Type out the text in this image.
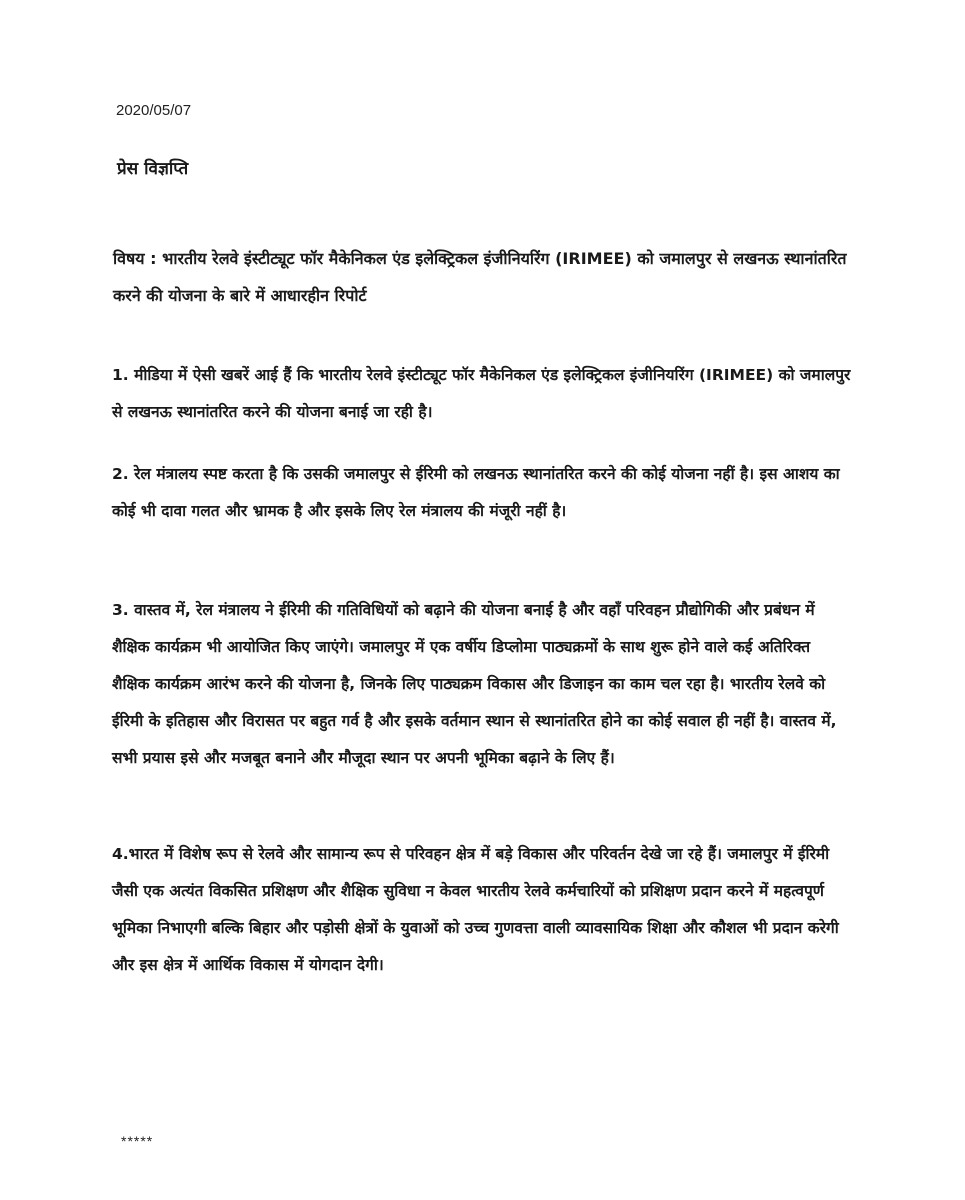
2020/05/07
प्रेस विज्ञप्ति
विषय : भारतीय रेलवे इंस्टीट्यूट फॉर मैकेनिकल एंड इलेक्ट्रिकल इंजीनियरिंग (IRIMEE) को जमालपुर से लखनऊ स्थानांतरित करने की योजना के बारे में आधारहीन रिपोर्ट
1. मीडिया में ऐसी खबरें आई हैं कि भारतीय रेलवे इंस्टीट्यूट फॉर मैकेनिकल एंड इलेक्ट्रिकल इंजीनियरिंग (IRIMEE) को जमालपुर से लखनऊ स्थानांतरित करने की योजना बनाई जा रही है।
2. रेल मंत्रालय स्पष्ट करता है कि उसकी जमालपुर से ईरिमी को लखनऊ स्थानांतरित करने की कोई योजना नहीं है। इस आशय का कोई भी दावा गलत और भ्रामक है और इसके लिए रेल मंत्रालय की मंजूरी नहीं है।
3. वास्तव में, रेल मंत्रालय ने ईरिमी की गतिविधियों को बढ़ाने की योजना बनाई है और वहाँ परिवहन प्रौद्योगिकी और प्रबंधन में शैक्षिक कार्यक्रम भी आयोजित किए जाएंगे। जमालपुर में एक वर्षीय डिप्लोमा पाठ्यक्रमों के साथ शुरू होने वाले कई अतिरिक्त शैक्षिक कार्यक्रम आरंभ करने की योजना है, जिनके लिए पाठ्यक्रम विकास और डिजाइन का काम चल रहा है। भारतीय रेलवे को ईरिमी के इतिहास और विरासत पर बहुत गर्व है और इसके वर्तमान स्थान से स्थानांतरित होने का कोई सवाल ही नहीं है। वास्तव में, सभी प्रयास इसे और मजबूत बनाने और मौजूदा स्थान पर अपनी भूमिका बढ़ाने के लिए हैं।
4.भारत में विशेष रूप से रेलवे और सामान्य रूप से परिवहन क्षेत्र में बड़े विकास और परिवर्तन देखे जा रहे हैं। जमालपुर में ईरिमी जैसी एक अत्यंत विकसित प्रशिक्षण और शैक्षिक सुविधा न केवल भारतीय रेलवे कर्मचारियों को प्रशिक्षण प्रदान करने में महत्वपूर्ण भूमिका निभाएगी बल्कि बिहार और पड़ोसी क्षेत्रों के युवाओं को उच्च गुणवत्ता वाली व्यावसायिक शिक्षा और कौशल भी प्रदान करेगी और इस क्षेत्र में आर्थिक विकास में योगदान देगी।
*****
